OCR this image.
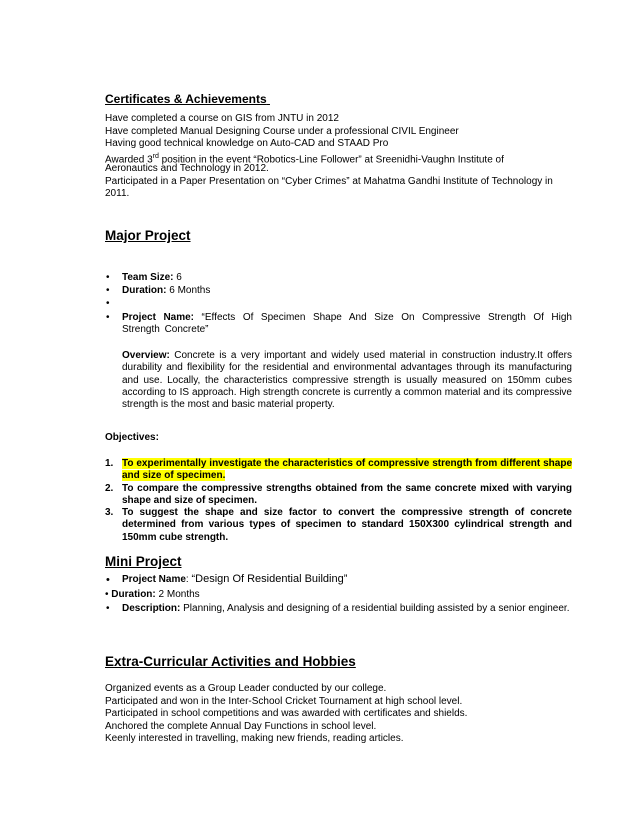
Certificates & Achievements
Have completed a course on GIS from JNTU in 2012
Have completed Manual Designing Course under a professional CIVIL Engineer
Having good technical knowledge on Auto-CAD and STAAD Pro
Awarded 3rd position in the event “Robotics-Line Follower” at Sreenidhi-Vaughn Institute of
Aeronautics and Technology in 2012.
Participated in a Paper Presentation on “Cyber Crimes” at Mahatma Gandhi Institute of Technology in
2011.
Major Project
• Team Size: 6
• Duration: 6 Months
•
• Project Name: “Effects Of Specimen Shape And Size On Compressive Strength Of High Strength Concrete”
Overview: Concrete is a very important and widely used material in construction industry.It offers durability and flexibility for the residential and environmental advantages through its manufacturing and use. Locally, the characteristics compressive strength is usually measured on 150mm cubes according to IS approach. High strength concrete is currently a common material and its compressive strength is the most and basic material property.
Objectives:
1. To experimentally investigate the characteristics of compressive strength from different shape and size of specimen.
2. To compare the compressive strengths obtained from the same concrete mixed with varying shape and size of specimen.
3. To suggest the shape and size factor to convert the compressive strength of concrete determined from various types of specimen to standard 150X300 cylindrical strength and 150mm cube strength.
Mini Project
• Project Name: “Design Of Residential Building”
• Duration: 2 Months
• Description: Planning, Analysis and designing of a residential building assisted by a senior engineer.
Extra-Curricular Activities and Hobbies
Organized events as a Group Leader conducted by our college.
Participated and won in the Inter-School Cricket Tournament at high school level.
Participated in school competitions and was awarded with certificates and shields.
Anchored the complete Annual Day Functions in school level.
Keenly interested in travelling, making new friends, reading articles.
